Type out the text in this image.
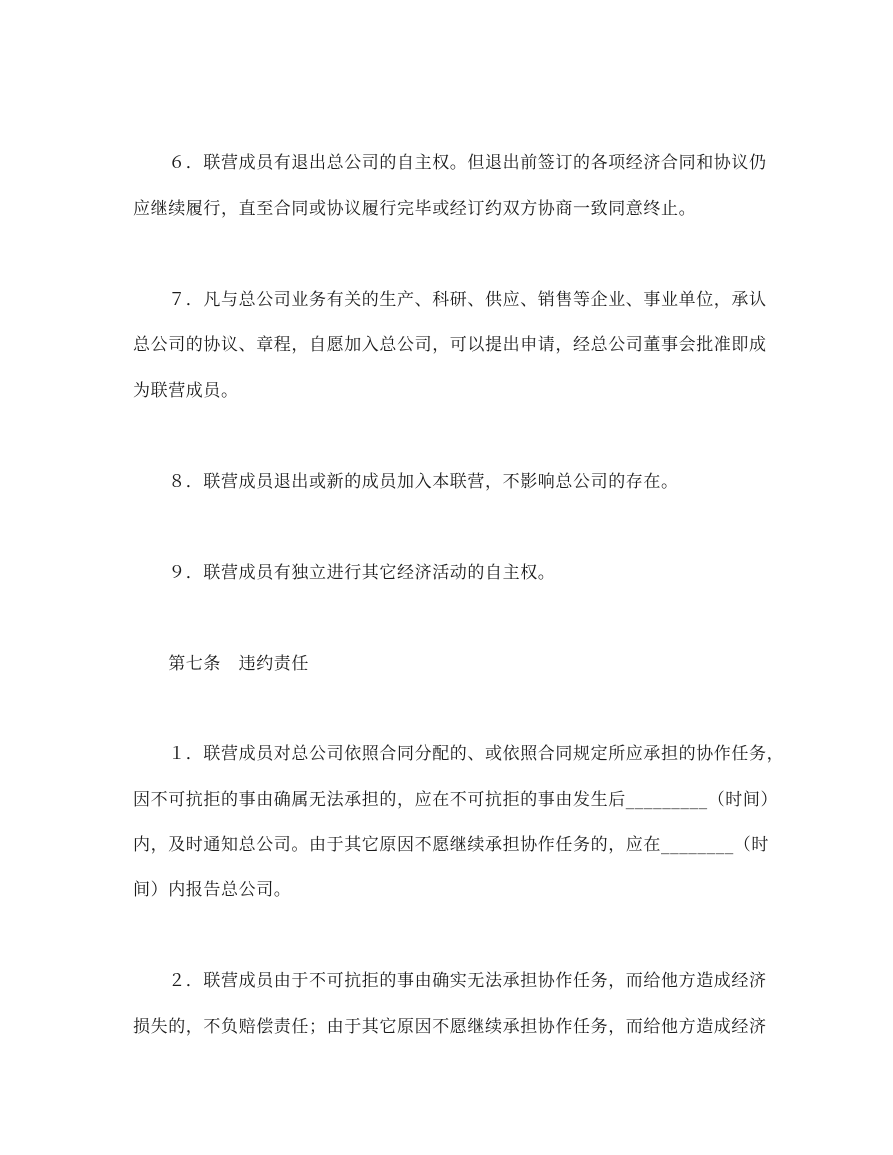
　　６．联营成员有退出总公司的自主权。但退出前签订的各项经济合同和协议仍
应继续履行，直至合同或协议履行完毕或经订约双方协商一致同意终止。
　　７．凡与总公司业务有关的生产、科研、供应、销售等企业、事业单位，承认
总公司的协议、章程，自愿加入总公司，可以提出申请，经总公司董事会批准即成
为联营成员。
　　８．联营成员退出或新的成员加入本联营，不影响总公司的存在。
　　９．联营成员有独立进行其它经济活动的自主权。
　　第七条　违约责任
　　１．联营成员对总公司依照合同分配的、或依照合同规定所应承担的协作任务，
因不可抗拒的事由确属无法承担的，应在不可抗拒的事由发生后_________（时间）
内，及时通知总公司。由于其它原因不愿继续承担协作任务的，应在________（时
间）内报告总公司。
　　２．联营成员由于不可抗拒的事由确实无法承担协作任务，而给他方造成经济
损失的，不负赔偿责任；由于其它原因不愿继续承担协作任务，而给他方造成经济
